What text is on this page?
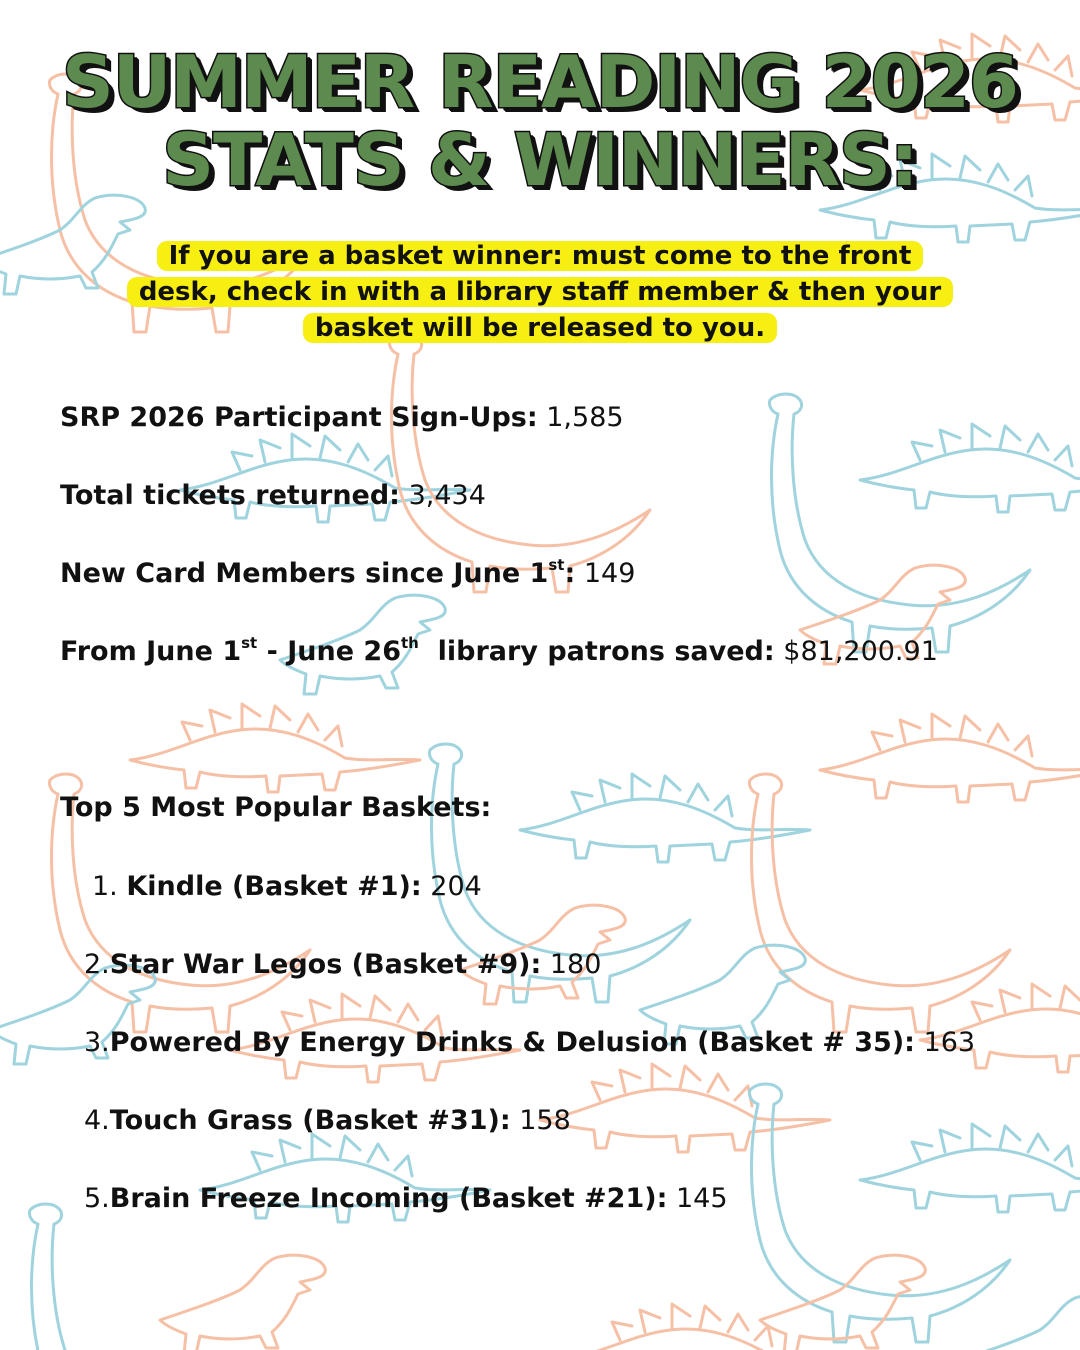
SUMMER READING 2026
STATS & WINNERS:
If you are a basket winner: must come to the front
desk, check in with a library staff member & then your
basket will be released to you.
SRP 2026 Participant Sign-Ups: 1,585
Total tickets returned: 3,434
New Card Members since June 1st: 149
From June 1st - June 26th  library patrons saved: $81,200.91
Top 5 Most Popular Baskets:
1. Kindle (Basket #1): 204
2.Star War Legos (Basket #9): 180
3.Powered By Energy Drinks & Delusion (Basket # 35): 163
4.Touch Grass (Basket #31): 158
5.Brain Freeze Incoming (Basket #21): 145
